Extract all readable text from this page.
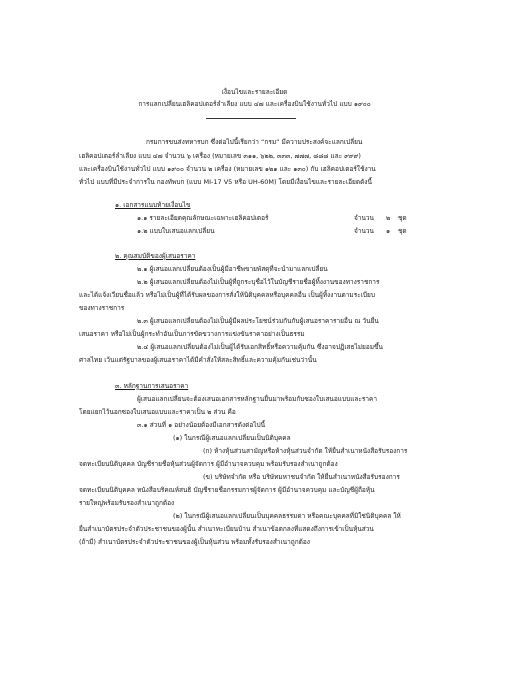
เงื่อนไขและรายละเอียด
การแลกเปลี่ยนเฮลิคอปเตอร์ลำเลียง แบบ ๔๗ และเครื่องบินใช้งานทั่วไป แบบ ๑๙๐๐
กรมการขนส่งทหารบก ซึ่งต่อไปนี้เรียกว่า “กรม” มีความประสงค์จะแลกเปลี่ยน
เฮลิคอปเตอร์ลำเลียง แบบ ๔๗ จำนวน ๖ เครื่อง (หมายเลข ๓๑๑, ๖๒๒, ๓๓๓, ๗๗๗, ๘๘๘ และ ๙๙๙)
และเครื่องบินใช้งานทั่วไป แบบ ๑๙๐๐ จำนวน ๒ เครื่อง (หมายเลข ๑๒๑ และ ๑๓๐) กับ เฮลิคอปเตอร์ใช้งาน
ทั่วไป แบบที่มีประจำการใน กองทัพบก (แบบ MI-17 V5 หรือ UH-60M) โดยมีเงื่อนไขและรายละเอียดดังนี้
๑. เอกสารแนบท้ายเงื่อนไข
๑.๑ รายละเอียดคุณลักษณะเฉพาะเฮลิคอปเตอร์	จำนวน ๒ ชุด
๑.๒ แบบใบเสนอแลกเปลี่ยน	จำนวน ๑ ชุด
๒. คุณสมบัติของผู้เสนอราคา
๒.๑ ผู้เสนอแลกเปลี่ยนต้องเป็นผู้มีอาชีพขายพัสดุที่จะนำมาแลกเปลี่ยน
๒.๒ ผู้เสนอแลกเปลี่ยนต้องไม่เป็นผู้ที่ถูกระบุชื่อไว้ในบัญชีรายชื่อผู้ทิ้งงานของทางราชการ
และได้แจ้งเวียนชื่อแล้ว หรือไม่เป็นผู้ที่ได้รับผลของการสั่งให้นิติบุคคลหรือบุคคลอื่น เป็นผู้ทิ้งงานตามระเบียบ
ของทางราชการ
๒.๓ ผู้เสนอแลกเปลี่ยนต้องไม่เป็นผู้มีผลประโยชน์ร่วมกันกับผู้เสนอราคารายอื่น ณ วันยื่น
เสนอราคา หรือไม่เป็นผู้กระทำอันเป็นการขัดขวางการแข่งขันราคาอย่างเป็นธรรม
๒.๔ ผู้เสนอแลกเปลี่ยนต้องไม่เป็นผู้ได้รับเอกสิทธิ์หรือความคุ้มกัน ซึ่งอาจปฏิเสธไม่ยอมขึ้น
ศาลไทย เว้นแต่รัฐบาลของผู้เสนอราคาได้มีคำสั่งให้สละสิทธิ์และความคุ้มกันเช่นว่านั้น
๓. หลักฐานการเสนอราคา
ผู้เสนอแลกเปลี่ยนจะต้องเสนอเอกสารหลักฐานยื่นมาพร้อมกับซองใบเสนอแบบและราคา
โดยแยกไว้นอกซองใบเสนอแบบและราคาเป็น ๒ ส่วน คือ
๓.๑ ส่วนที่ ๑ อย่างน้อยต้องมีเอกสารดังต่อไปนี้
(๑) ในกรณีผู้เสนอแลกเปลี่ยนเป็นนิติบุคคล
(ก) ห้างหุ้นส่วนสามัญหรือห้างหุ้นส่วนจำกัด ให้ยื่นสำเนาหนังสือรับรองการ
จดทะเบียนนิติบุคคล บัญชีรายชื่อหุ้นส่วนผู้จัดการ ผู้มีอำนาจควบคุม พร้อมรับรองสำเนาถูกต้อง
(ข) บริษัทจำกัด หรือ บริษัทมหาชนจำกัด ให้ยื่นสำเนาหนังสือรับรองการ
จดทะเบียนนิติบุคคล หนังสือบริคณห์สนธิ บัญชีรายชื่อกรรมการผู้จัดการ ผู้มีอำนาจควบคุม และบัญชีผู้ถือหุ้น
รายใหญ่พร้อมรับรองสำเนาถูกต้อง
(๒) ในกรณีผู้เสนอแลกเปลี่ยนเป็นบุคคลธรรมดา หรือคณะบุคคลที่มิใช่นิติบุคคล ให้
ยื่นสำเนาบัตรประจำตัวประชาชนของผู้นั้น สำเนาทะเบียนบ้าน สำเนาข้อตกลงที่แสดงถึงการเข้าเป็นหุ้นส่วน
(ถ้ามี) สำเนาบัตรประจำตัวประชาชนของผู้เป็นหุ้นส่วน พร้อมทั้งรับรองสำเนาถูกต้อง
